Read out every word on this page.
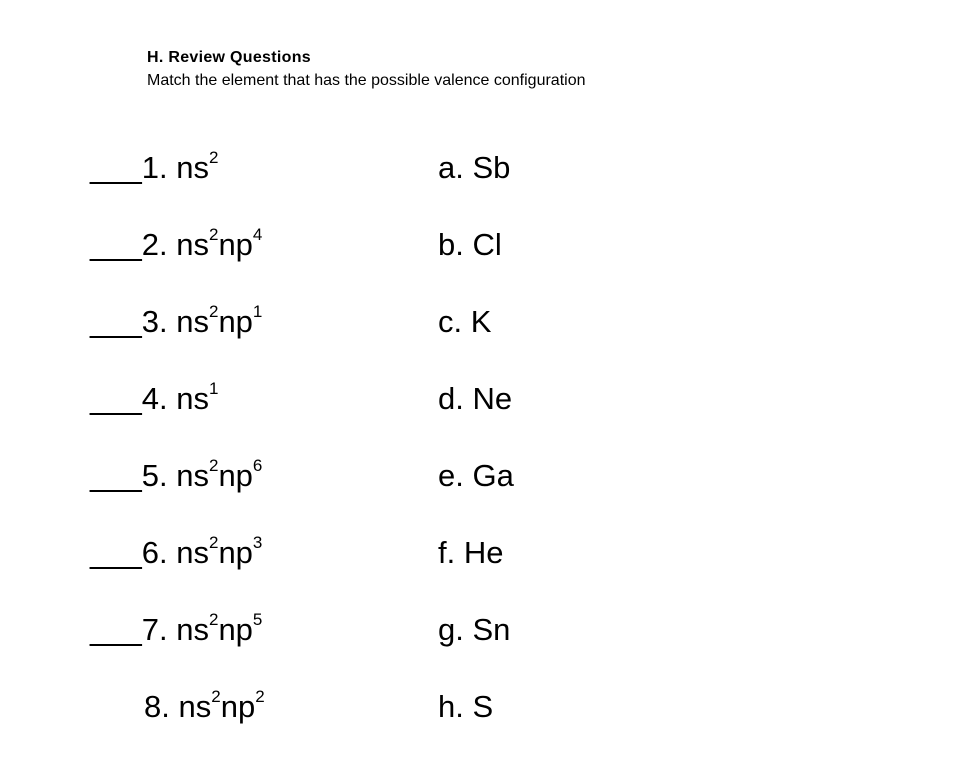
H. Review Questions
Match the element that has the possible valence configuration
___1. $ns^2$	a. Sb
___2. $ns^2np^4$	b. Cl
___3. $ns^2np^1$	c. K
___4. $ns^1$	d. Ne
___5. $ns^2np^6$	e. Ga
___6. $ns^2np^3$	f. He
___7. $ns^2np^5$	g. Sn
8. $ns^2np^2$	h. S
